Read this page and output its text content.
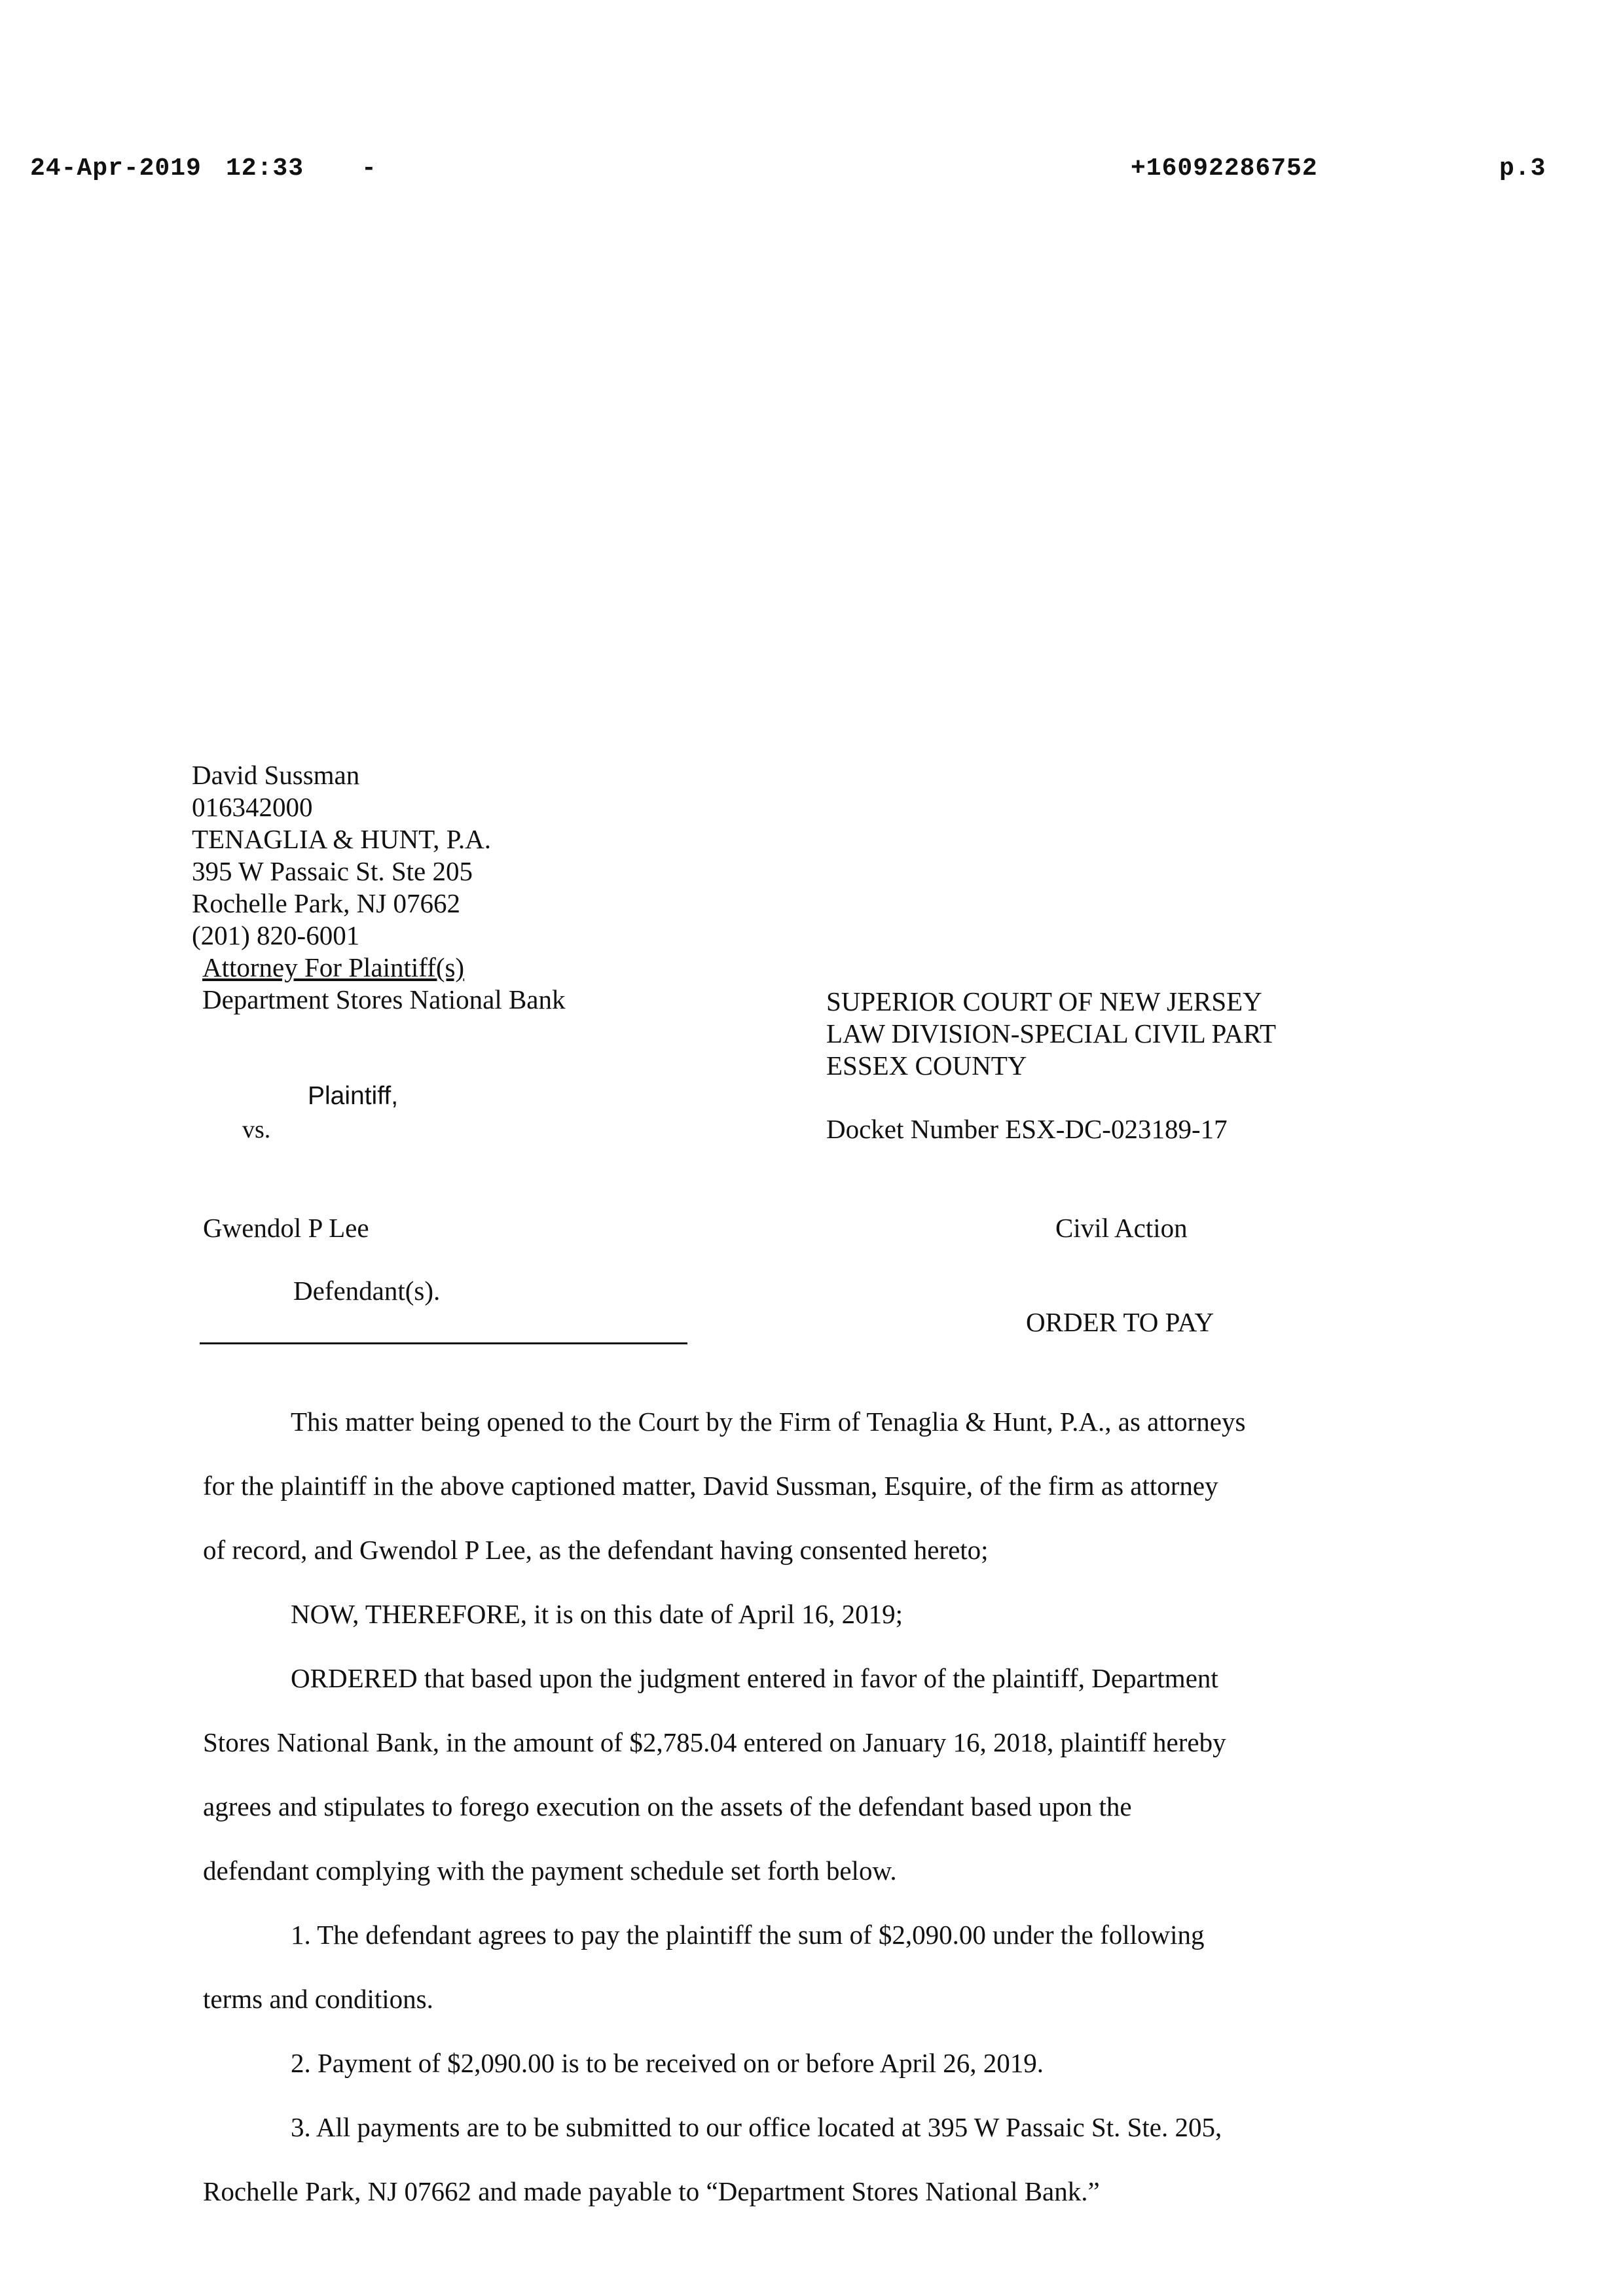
24-Apr-2019 12:33 -	+16092286752	p.3
David Sussman
016342000
TENAGLIA & HUNT, P.A.
395 W Passaic St. Ste 205
Rochelle Park, NJ 07662
(201) 820-6001
Attorney For Plaintiff(s)
Department Stores National Bank	SUPERIOR COURT OF NEW JERSEY
LAW DIVISION-SPECIAL CIVIL PART
ESSEX COUNTY
Docket Number ESX-DC-023189-17
Plaintiff,
vs.
Gwendol P Lee
Defendant(s).
Civil Action
ORDER TO PAY
This matter being opened to the Court by the Firm of Tenaglia & Hunt, P.A., as attorneys
for the plaintiff in the above captioned matter, David Sussman, Esquire, of the firm as attorney
of record, and Gwendol P Lee, as the defendant having consented hereto;
NOW, THEREFORE, it is on this date of April 16, 2019;
ORDERED that based upon the judgment entered in favor of the plaintiff, Department
Stores National Bank, in the amount of $2,785.04 entered on January 16, 2018, plaintiff hereby
agrees and stipulates to forego execution on the assets of the defendant based upon the
defendant complying with the payment schedule set forth below.
1. The defendant agrees to pay the plaintiff the sum of $2,090.00 under the following
terms and conditions.
2. Payment of $2,090.00 is to be received on or before April 26, 2019.
3. All payments are to be submitted to our office located at 395 W Passaic St. Ste. 205,
Rochelle Park, NJ 07662 and made payable to “Department Stores National Bank.”
